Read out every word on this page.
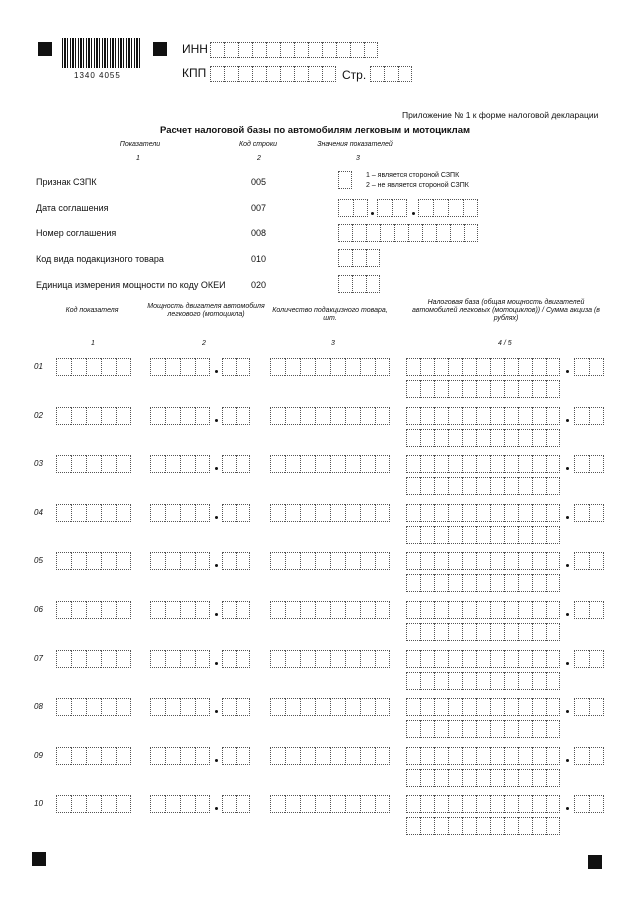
1340 4055
ИНН
КПП	Стр.
Приложение № 1 к форме налоговой декларации
Расчет налоговой базы по автомобилям легковым и мотоциклам
Показатели	Код строки	Значения показателей
1	2	3
Признак СЗПК	005
1 – является стороной СЗПК
2 – не является стороной СЗПК
Дата соглашения	007
Номер соглашения	008
Код вида подакцизного товара	010
Единица измерения мощности по коду ОКЕИ	020
Код показателя
Мощность двигателя автомобиля легкового (мотоцикла)
Количество подакцизного товара, шт.
Налоговая база (общая мощность двигателей автомобилей легковых (мотоциклов)) / Сумма акциза (в рублях)
1	2	3	4 / 5
01
02
03
04
05
06
07
08
09
10
